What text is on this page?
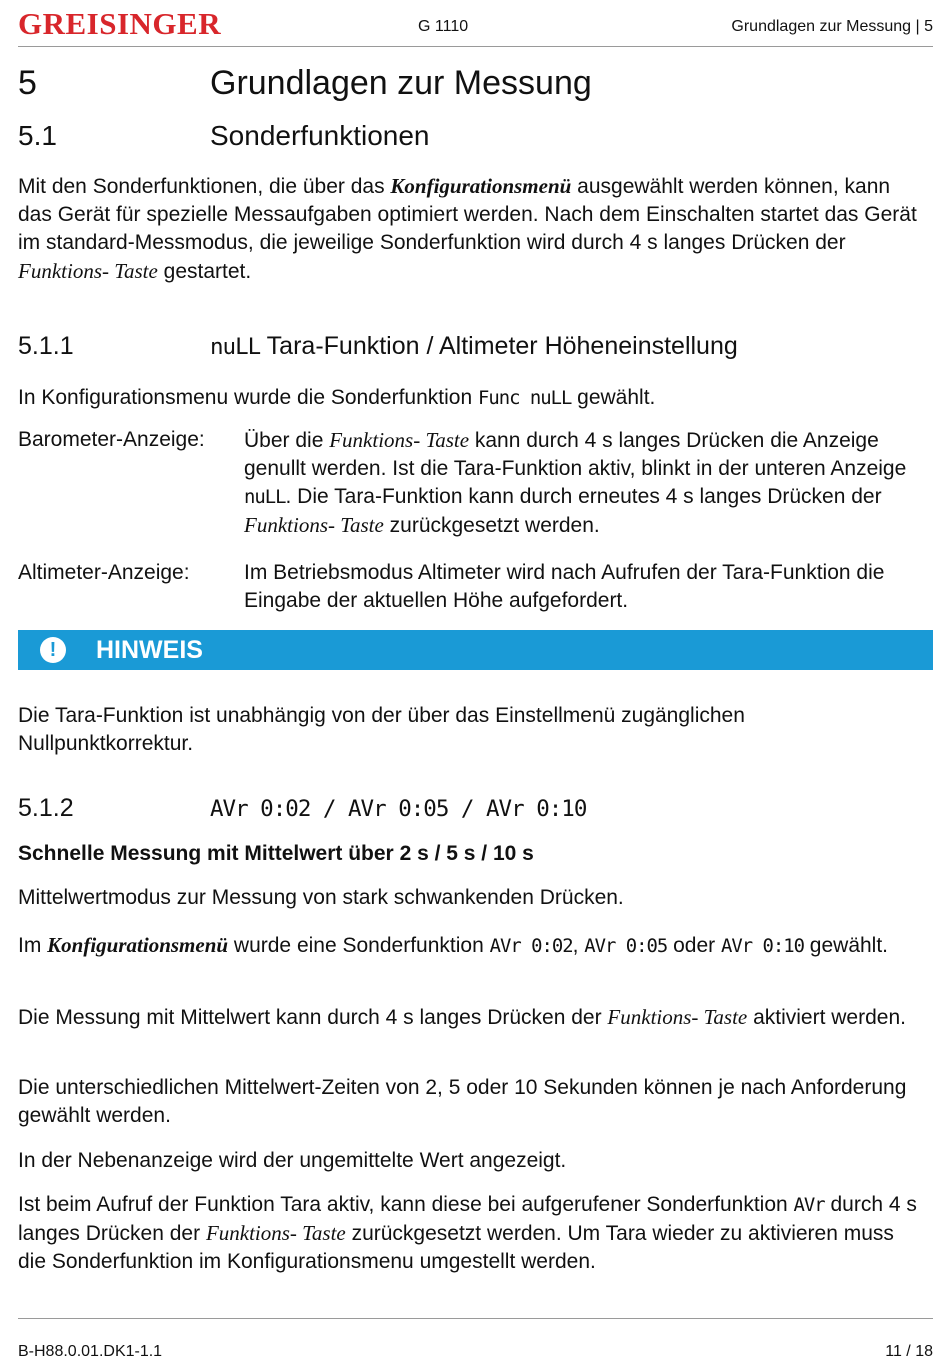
GREISINGER	G 1110	Grundlagen zur Messung | 5
5	Grundlagen zur Messung
5.1	Sonderfunktionen
Mit den Sonderfunktionen, die über das Konfigurationsmenü ausgewählt werden können, kann das Gerät für spezielle Messaufgaben optimiert werden. Nach dem Einschalten startet das Gerät im standard-Messmodus, die jeweilige Sonderfunktion wird durch 4 s langes Drücken der Funktions- Taste gestartet.
5.1.1	nuLL Tara-Funktion / Altimeter Höheneinstellung
In Konfigurationsmenu wurde die Sonderfunktion Func nuLL gewählt.
Barometer-Anzeige:	Über die Funktions- Taste kann durch 4 s langes Drücken die Anzeige genullt werden. Ist die Tara-Funktion aktiv, blinkt in der unteren Anzeige nuLL. Die Tara-Funktion kann durch erneutes 4 s langes Drücken der Funktions- Taste zurückgesetzt werden.
Altimeter-Anzeige:	Im Betriebsmodus Altimeter wird nach Aufrufen der Tara-Funktion die Eingabe der aktuellen Höhe aufgefordert.
!	HINWEIS
Die Tara-Funktion ist unabhängig von der über das Einstellmenü zugänglichen Nullpunktkorrektur.
5.1.2	AVr 0:02 / AVr 0:05 / AVr 0:10
Schnelle Messung mit Mittelwert über 2 s / 5 s / 10 s
Mittelwertmodus zur Messung von stark schwankenden Drücken.
Im Konfigurationsmenü wurde eine Sonderfunktion AVr 0:02, AVr 0:05 oder AVr 0:10 gewählt.
Die Messung mit Mittelwert kann durch 4 s langes Drücken der Funktions- Taste aktiviert werden.
Die unterschiedlichen Mittelwert-Zeiten von 2, 5 oder 10 Sekunden können je nach Anforderung gewählt werden.
In der Nebenanzeige wird der ungemittelte Wert angezeigt.
Ist beim Aufruf der Funktion Tara aktiv, kann diese bei aufgerufener Sonderfunktion AVr durch 4 s langes Drücken der Funktions- Taste zurückgesetzt werden. Um Tara wieder zu aktivieren muss die Sonderfunktion im Konfigurationsmenu umgestellt werden.
B-H88.0.01.DK1-1.1	11 / 18
